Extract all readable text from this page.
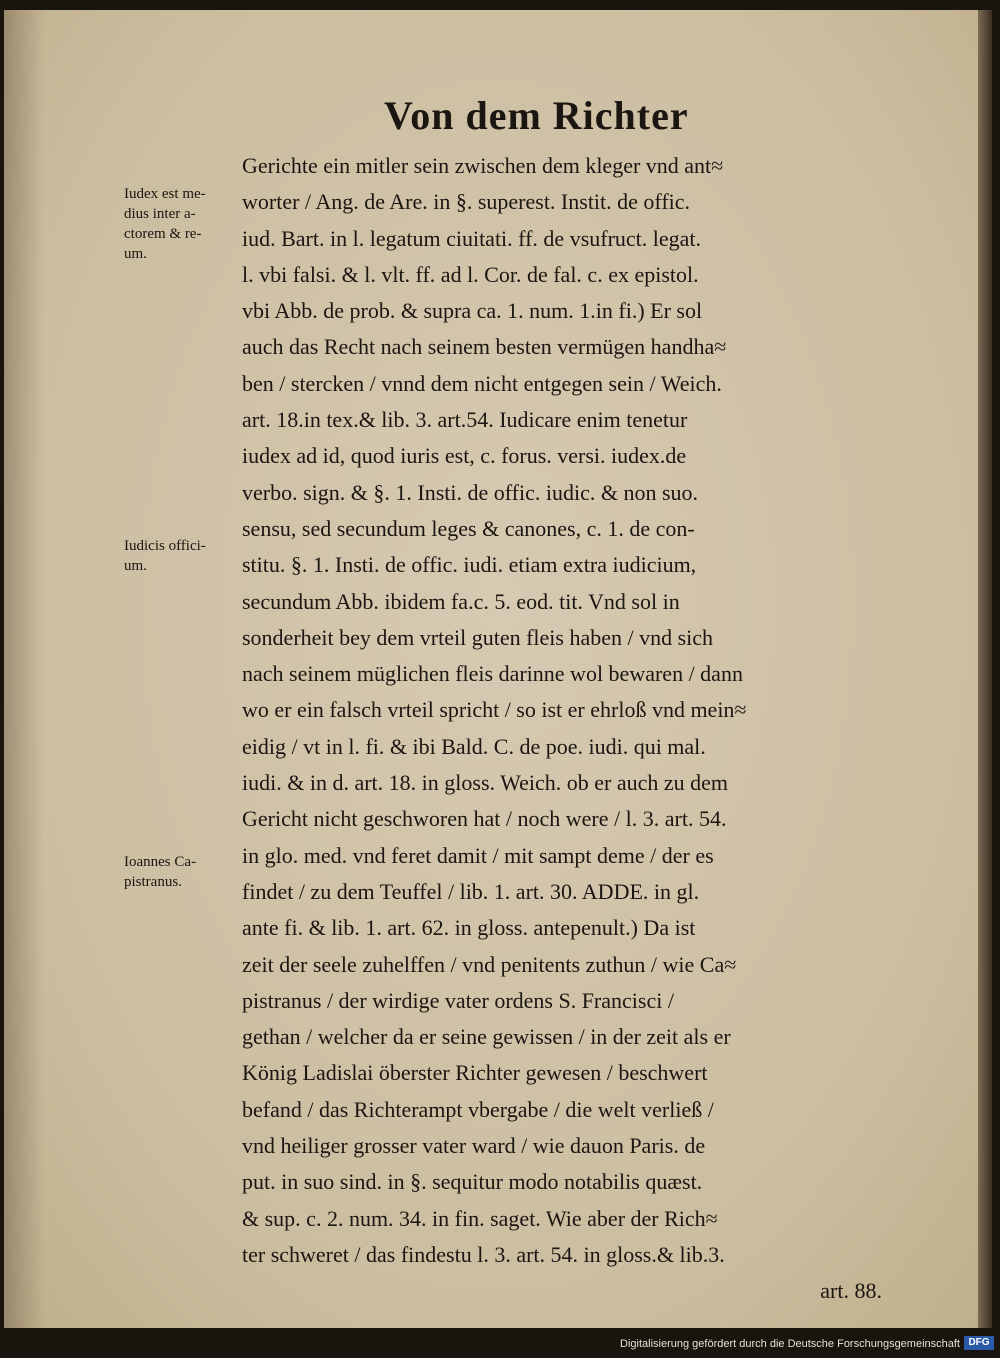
Von dem Richter
Iudex est me-
dius inter a-
ctorem & re-
um.
Iudicis offici-
um.
Ioannes Ca-
pistranus.
Gerichte ein mitler sein zwischen dem kleger vnd ant≈
worter / Ang. de Are. in §. superest. Instit. de offic.
iud. Bart. in l. legatum ciuitati. ff. de vsufruct. legat.
l. vbi falsi. & l. vlt. ff. ad l. Cor. de fal. c. ex epistol.
vbi Abb. de prob. & supra ca. 1. num. 1.in fi.) Er sol
auch das Recht nach seinem besten vermügen handha≈
ben / stercken / vnnd dem nicht entgegen sein / Weich.
art. 18.in tex.& lib. 3. art.54. Iudicare enim tenetur
iudex ad id, quod iuris est, c. forus. versi. iudex.de
verbo. sign. & §. 1. Insti. de offic. iudic. & non suo.
sensu, sed secundum leges & canones, c. 1. de con-
stitu. §. 1. Insti. de offic. iudi. etiam extra iudicium,
secundum Abb. ibidem fa.c. 5. eod. tit. Vnd sol in
sonderheit bey dem vrteil guten fleis haben / vnd sich
nach seinem müglichen fleis darinne wol bewaren / dann
wo er ein falsch vrteil spricht / so ist er ehrloß vnd mein≈
eidig / vt in l. fi. & ibi Bald. C. de poe. iudi. qui mal.
iudi. & in d. art. 18. in gloss. Weich. ob er auch zu dem
Gericht nicht geschworen hat / noch were / l. 3. art. 54.
in glo. med. vnd feret damit / mit sampt deme / der es
findet / zu dem Teuffel / lib. 1. art. 30. ADDE. in gl.
ante fi. & lib. 1. art. 62. in gloss. antepenult.) Da ist
zeit der seele zuhelffen / vnd penitents zuthun / wie Ca≈
pistranus / der wirdige vater ordens S. Francisci /
gethan / welcher da er seine gewissen / in der zeit als er
König Ladislai öberster Richter gewesen / beschwert
befand / das Richterampt vbergabe / die welt verließ /
vnd heiliger grosser vater ward / wie dauon Paris. de
put. in suo sind. in §. sequitur modo notabilis quæst.
& sup. c. 2. num. 34. in fin. saget. Wie aber der Rich≈
ter schweret / das findestu l. 3. art. 54. in gloss.& lib.3.
art. 88.
Digitalisierung gefördert durch die Deutsche Forschungsgemeinschaft DFG
